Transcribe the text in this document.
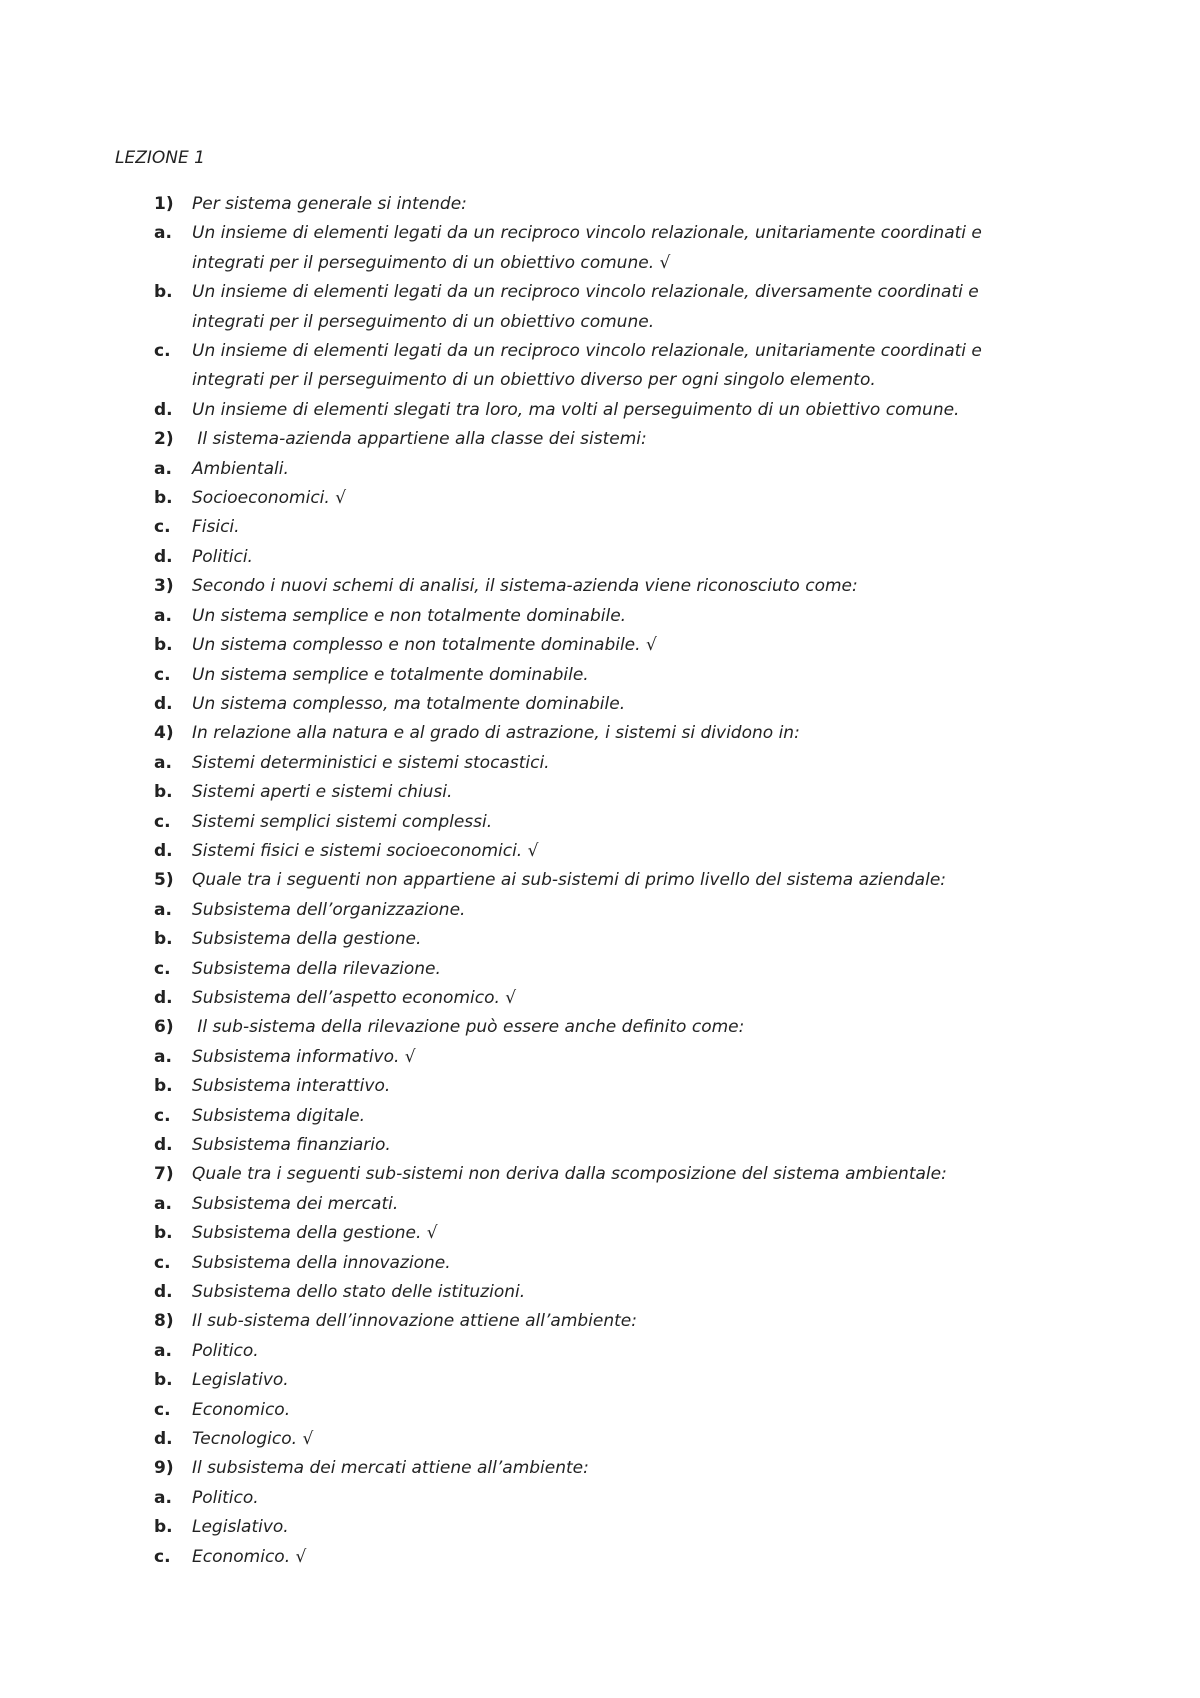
LEZIONE 1
1)	Per sistema generale si intende:
a.	Un insieme di elementi legati da un reciproco vincolo relazionale, unitariamente coordinati e integrati per il perseguimento di un obiettivo comune. √
b.	Un insieme di elementi legati da un reciproco vincolo relazionale, diversamente coordinati e integrati per il perseguimento di un obiettivo comune.
c.	Un insieme di elementi legati da un reciproco vincolo relazionale, unitariamente coordinati e integrati per il perseguimento di un obiettivo diverso per ogni singolo elemento.
d.	Un insieme di elementi slegati tra loro, ma volti al perseguimento di un obiettivo comune.
2)	Il sistema-azienda appartiene alla classe dei sistemi:
a.	Ambientali.
b.	Socioeconomici. √
c.	Fisici.
d.	Politici.
3)	Secondo i nuovi schemi di analisi, il sistema-azienda viene riconosciuto come:
a.	Un sistema semplice e non totalmente dominabile.
b.	Un sistema complesso e non totalmente dominabile. √
c.	Un sistema semplice e totalmente dominabile.
d.	Un sistema complesso, ma totalmente dominabile.
4)	In relazione alla natura e al grado di astrazione, i sistemi si dividono in:
a.	Sistemi deterministici e sistemi stocastici.
b.	Sistemi aperti e sistemi chiusi.
c.	Sistemi semplici sistemi complessi.
d.	Sistemi fisici e sistemi socioeconomici. √
5)	Quale tra i seguenti non appartiene ai sub-sistemi di primo livello del sistema aziendale:
a.	Subsistema dell’organizzazione.
b.	Subsistema della gestione.
c.	Subsistema della rilevazione.
d.	Subsistema dell’aspetto economico. √
6)	Il sub-sistema della rilevazione può essere anche definito come:
a.	Subsistema informativo. √
b.	Subsistema interattivo.
c.	Subsistema digitale.
d.	Subsistema finanziario.
7)	Quale tra i seguenti sub-sistemi non deriva dalla scomposizione del sistema ambientale:
a.	Subsistema dei mercati.
b.	Subsistema della gestione. √
c.	Subsistema della innovazione.
d.	Subsistema dello stato delle istituzioni.
8)	Il sub-sistema dell’innovazione attiene all’ambiente:
a.	Politico.
b.	Legislativo.
c.	Economico.
d.	Tecnologico. √
9)	Il subsistema dei mercati attiene all’ambiente:
a.	Politico.
b.	Legislativo.
c.	Economico. √
